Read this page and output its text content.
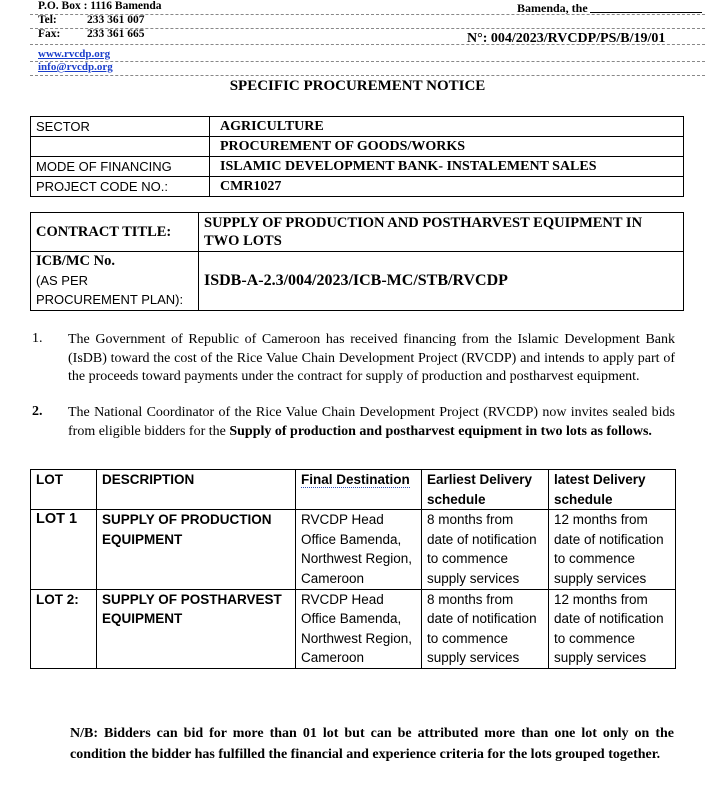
P.O. Box : 1116 Bamenda
Tel:	233 361 007
Fax: 233 361 665
www.rvcdp.org
info@rvcdp.org
Bamenda, the
N°: 004/2023/RVCDP/PS/B/19/01
SPECIFIC PROCUREMENT NOTICE
SECTOR	AGRICULTURE
	PROCUREMENT OF GOODS/WORKS
MODE OF FINANCING	ISLAMIC DEVELOPMENT BANK- INSTALEMENT SALES
PROJECT CODE NO.:	CMR1027
CONTRACT TITLE:	SUPPLY OF PRODUCTION AND POSTHARVEST EQUIPMENT IN TWO LOTS

ICB/MC No.
(AS PER PROCUREMENT PLAN):	ISDB-A-2.3/004/2023/ICB-MC/STB/RVCDP
1. The Government of Republic of Cameroon has received financing from the Islamic Development Bank (IsDB) toward the cost of the Rice Value Chain Development Project (RVCDP) and intends to apply part of the proceeds toward payments under the contract for supply of production and postharvest equipment.
2. The National Coordinator of the Rice Value Chain Development Project (RVCDP) now invites sealed bids from eligible bidders for the Supply of production and postharvest equipment in two lots as follows.
LOT	DESCRIPTION	Final Destination	Earliest Delivery schedule	latest Delivery schedule
LOT 1	SUPPLY OF PRODUCTION EQUIPMENT	RVCDP Head Office Bamenda, Northwest Region, Cameroon	8 months from date of notification to commence supply services	12 months from date of notification to commence supply services
LOT 2:	SUPPLY OF POSTHARVEST EQUIPMENT	RVCDP Head Office Bamenda, Northwest Region, Cameroon	8 months from date of notification to commence supply services	12 months from date of notification to commence supply services
N/B: Bidders can bid for more than 01 lot but can be attributed more than one lot only on the condition the bidder has fulfilled the financial and experience criteria for the lots grouped together.
